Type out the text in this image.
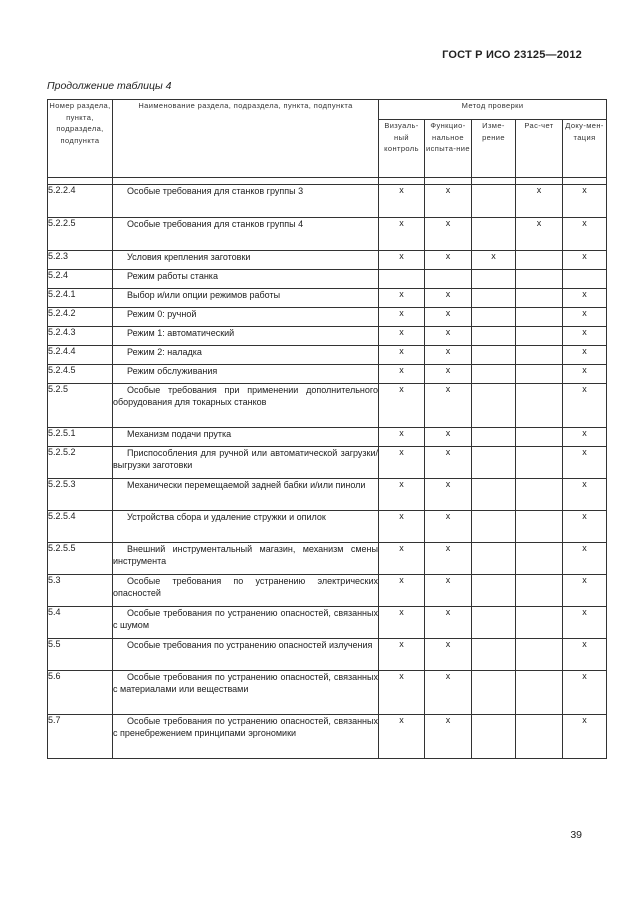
ГОСТ Р ИСО 23125—2012
Продолжение таблицы 4
Номер раздела, пункта, подраздела, подпункта	Наименование раздела, подраздела, пункта, подпункта	Метод проверки				
		Визуаль-ный контроль	Функцио-нальное испыта-ние	Изме-рение	Рас-чет	Доку-мен-тация

5.2.2.4	Особые требования для станков группы 3	х	х		х	х
5.2.2.5	Особые требования для станков группы 4	х	х		х	х
5.2.3	Условия крепления заготовки	х	х	х		х
5.2.4	Режим работы станка					
5.2.4.1	Выбор и/или опции режимов работы	х	х			х
5.2.4.2	Режим 0: ручной	х	х			х
5.2.4.3	Режим 1: автоматический	х	х			х
5.2.4.4	Режим 2: наладка	х	х			х
5.2.4.5	Режим обслуживания	х	х			х
5.2.5	Особые требования при применении дополнительного оборудования для токарных станков	х	х			х
5.2.5.1	Механизм подачи прутка	х	х			х
5.2.5.2	Приспособления для ручной или автоматической загрузки/выгрузки заготовки	х	х			х
5.2.5.3	Механически перемещаемой задней бабки и/или пиноли	х	х			х
5.2.5.4	Устройства сбора и удаление стружки и опилок	х	х			х
5.2.5.5	Внешний инструментальный магазин, механизм смены инструмента	х	х			х
5.3	Особые требования по устранению электрических опасностей	х	х			х
5.4	Особые требования по устранению опасностей, связанных с шумом	х	х			х
5.5	Особые требования по устранению опасностей излучения	х	х			х
5.6	Особые требования по устранению опасностей, связанных с материалами или веществами	х	х			х
5.7	Особые требования по устранению опасностей, связанных с пренебрежением принципами эргономики	х	х			х
39
